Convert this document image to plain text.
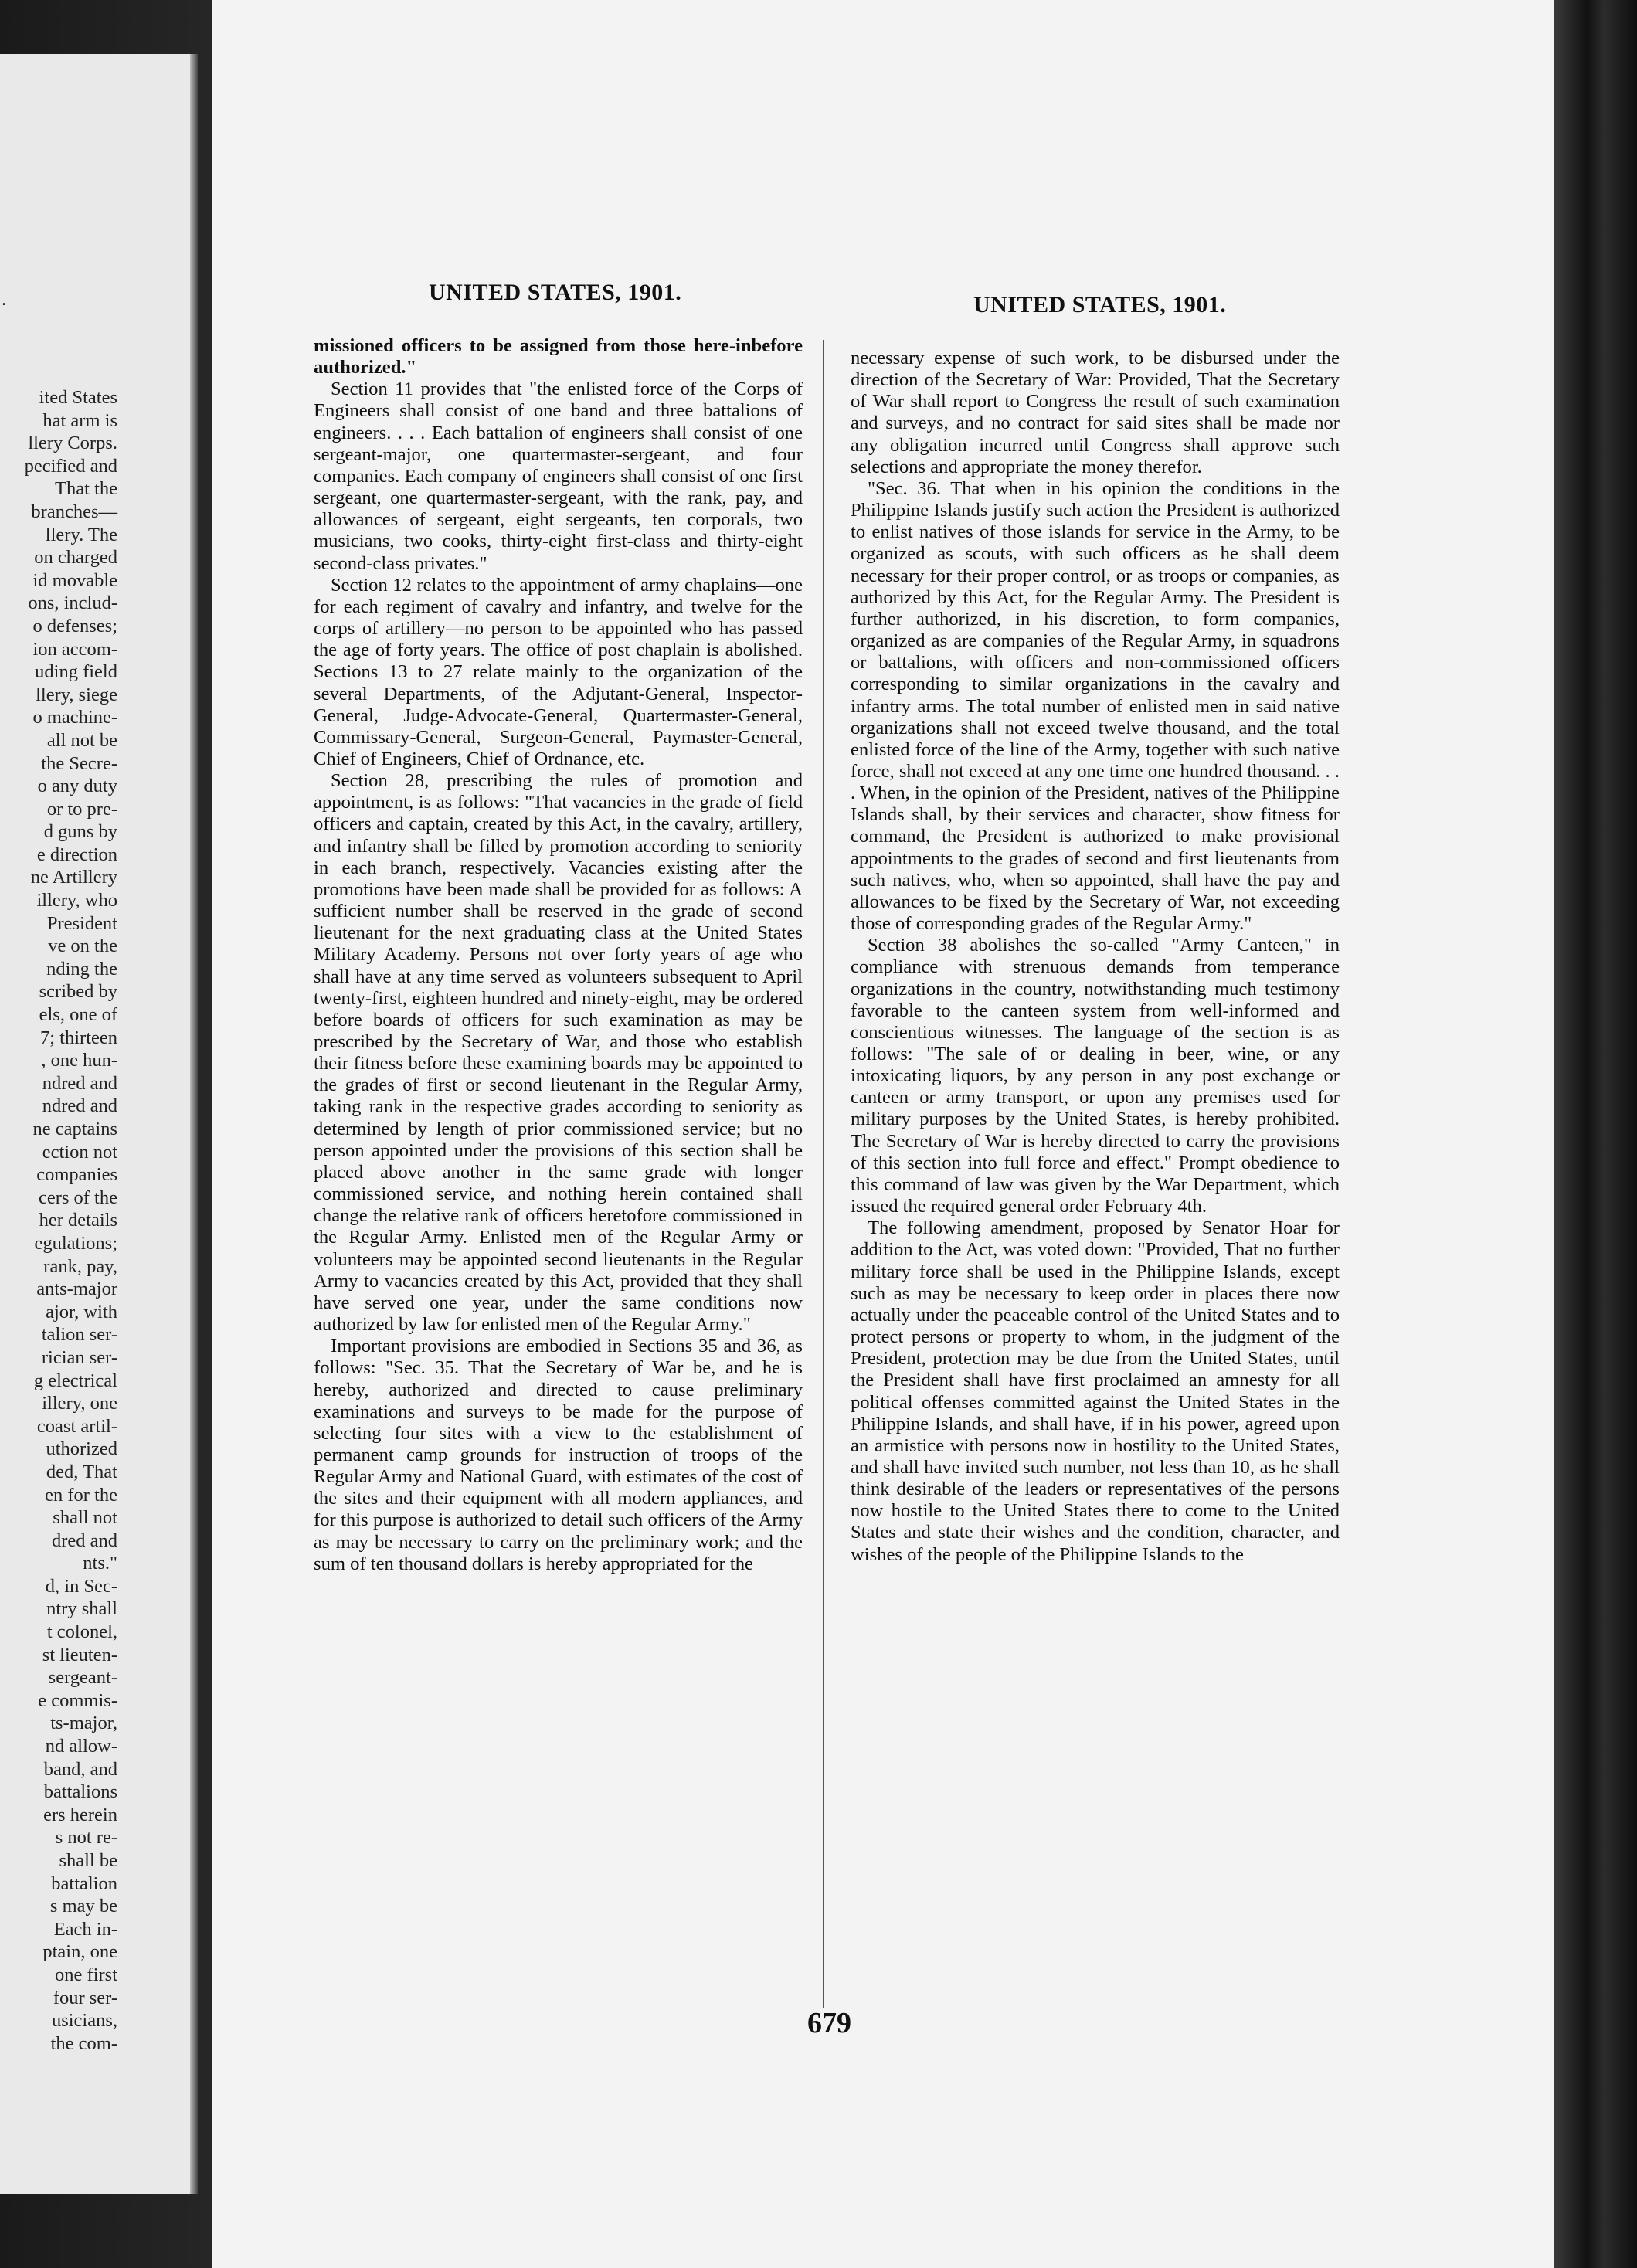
.
ited States
hat arm is
llery Corps.
pecified and
That the
branches—
llery. The
on charged
id movable
ons, includ-
o defenses;
ion accom-
uding field
llery, siege
o machine-
all not be
the Secre-
o any duty
or to pre-
d guns by
e direction
ne Artillery
illery, who
President
ve on the
nding the
scribed by
els, one of
7; thirteen
, one hun-
ndred and
ndred and
ne captains
ection not
companies
cers of the
her details
egulations;
rank, pay,
ants-major
ajor, with
talion ser-
rician ser-
g electrical
illery, one
coast artil-
uthorized
ded, That
en for the
shall not
dred and
nts."
d, in Sec-
ntry shall
t colonel,
st lieuten-
sergeant-
e commis-
ts-major,
nd allow-
band, and
battalions
ers herein
s not re-
shall be
battalion
s may be
Each in-
ptain, one
one first
four ser-
usicians,
the com-
UNITED STATES, 1901.	UNITED STATES, 1901.

missioned officers to be assigned from those here-inbefore authorized."

Section 11 provides that "the enlisted force of the Corps of Engineers shall consist of one band and three battalions of engineers. . . . Each battalion of engineers shall consist of one sergeant-major, one quartermaster-sergeant, and four companies. Each company of engineers shall consist of one first sergeant, one quartermaster-sergeant, with the rank, pay, and allowances of sergeant, eight sergeants, ten corporals, two musicians, two cooks, thirty-eight first-class and thirty-eight second-class privates."

Section 12 relates to the appointment of army chaplains—one for each regiment of cavalry and infantry, and twelve for the corps of artillery—no person to be appointed who has passed the age of forty years. The office of post chaplain is abolished. Sections 13 to 27 relate mainly to the organization of the several Departments, of the Adjutant-General, Inspector-General, Judge-Advocate-General, Quartermaster-General, Commissary-General, Surgeon-General, Paymaster-General, Chief of Engineers, Chief of Ordnance, etc.

Section 28, prescribing the rules of promotion and appointment, is as follows: "That vacancies in the grade of field officers and captain, created by this Act, in the cavalry, artillery, and infantry shall be filled by promotion according to seniority in each branch, respectively. Vacancies existing after the promotions have been made shall be provided for as follows: A sufficient number shall be reserved in the grade of second lieutenant for the next graduating class at the United States Military Academy. Persons not over forty years of age who shall have at any time served as volunteers subsequent to April twenty-first, eighteen hundred and ninety-eight, may be ordered before boards of officers for such examination as may be prescribed by the Secretary of War, and those who establish their fitness before these examining boards may be appointed to the grades of first or second lieutenant in the Regular Army, taking rank in the respective grades according to seniority as determined by length of prior commissioned service; but no person appointed under the provisions of this section shall be placed above another in the same grade with longer commissioned service, and nothing herein contained shall change the relative rank of officers heretofore commissioned in the Regular Army. Enlisted men of the Regular Army or volunteers may be appointed second lieutenants in the Regular Army to vacancies created by this Act, provided that they shall have served one year, under the same conditions now authorized by law for enlisted men of the Regular Army."

Important provisions are embodied in Sections 35 and 36, as follows: "Sec. 35. That the Secretary of War be, and he is hereby, authorized and directed to cause preliminary examinations and surveys to be made for the purpose of selecting four sites with a view to the establishment of permanent camp grounds for instruction of troops of the Regular Army and National Guard, with estimates of the cost of the sites and their equipment with all modern appliances, and for this purpose is authorized to detail such officers of the Army as may be necessary to carry on the preliminary work; and the sum of ten thousand dollars is hereby appropriated for the

necessary expense of such work, to be disbursed under the direction of the Secretary of War: Provided, That the Secretary of War shall report to Congress the result of such examination and surveys, and no contract for said sites shall be made nor any obligation incurred until Congress shall approve such selections and appropriate the money therefor.

"Sec. 36. That when in his opinion the conditions in the Philippine Islands justify such action the President is authorized to enlist natives of those islands for service in the Army, to be organized as scouts, with such officers as he shall deem necessary for their proper control, or as troops or companies, as authorized by this Act, for the Regular Army. The President is further authorized, in his discretion, to form companies, organized as are companies of the Regular Army, in squadrons or battalions, with officers and non-commissioned officers corresponding to similar organizations in the cavalry and infantry arms. The total number of enlisted men in said native organizations shall not exceed twelve thousand, and the total enlisted force of the line of the Army, together with such native force, shall not exceed at any one time one hundred thousand. . . . When, in the opinion of the President, natives of the Philippine Islands shall, by their services and character, show fitness for command, the President is authorized to make provisional appointments to the grades of second and first lieutenants from such natives, who, when so appointed, shall have the pay and allowances to be fixed by the Secretary of War, not exceeding those of corresponding grades of the Regular Army."

Section 38 abolishes the so-called "Army Canteen," in compliance with strenuous demands from temperance organizations in the country, notwithstanding much testimony favorable to the canteen system from well-informed and conscientious witnesses. The language of the section is as follows: "The sale of or dealing in beer, wine, or any intoxicating liquors, by any person in any post exchange or canteen or army transport, or upon any premises used for military purposes by the United States, is hereby prohibited. The Secretary of War is hereby directed to carry the provisions of this section into full force and effect." Prompt obedience to this command of law was given by the War Department, which issued the required general order February 4th.

The following amendment, proposed by Senator Hoar for addition to the Act, was voted down: "Provided, That no further military force shall be used in the Philippine Islands, except such as may be necessary to keep order in places there now actually under the peaceable control of the United States and to protect persons or property to whom, in the judgment of the President, protection may be due from the United States, until the President shall have first proclaimed an amnesty for all political offenses committed against the United States in the Philippine Islands, and shall have, if in his power, agreed upon an armistice with persons now in hostility to the United States, and shall have invited such number, not less than 10, as he shall think desirable of the leaders or representatives of the persons now hostile to the United States there to come to the United States and state their wishes and the condition, character, and wishes of the people of the Philippine Islands to the

679
